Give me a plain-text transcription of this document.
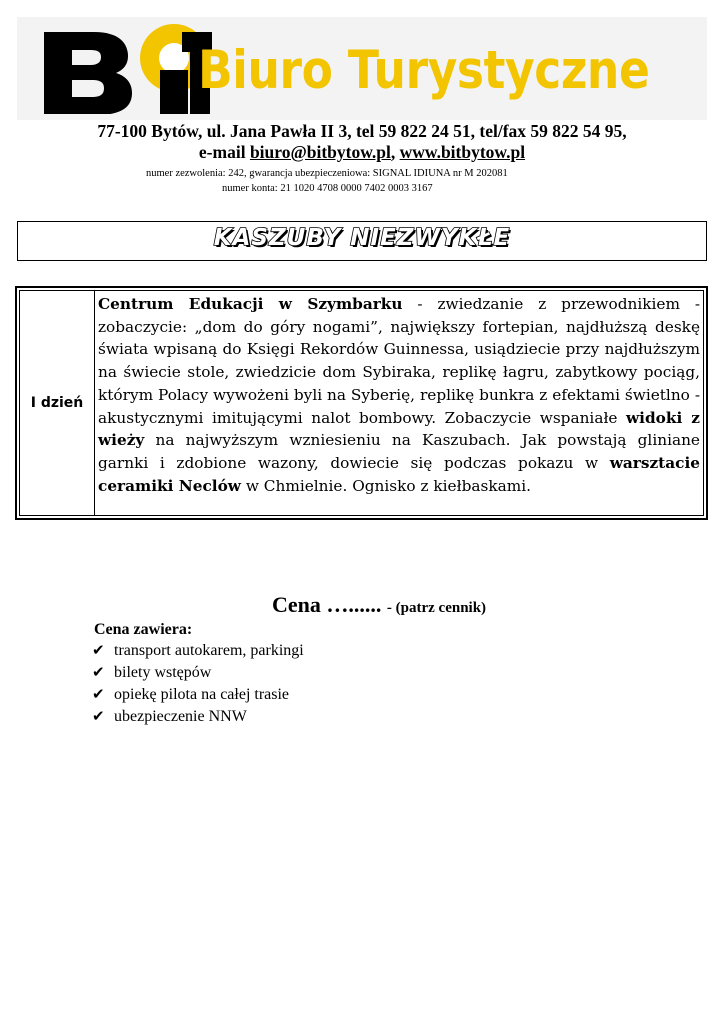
Biuro Turystyczne
77-100 Bytów, ul. Jana Pawła II 3, tel 59 822 24 51, tel/fax 59 822 54 95,
e-mail biuro@bitbytow.pl, www.bitbytow.pl
numer zezwolenia: 242, gwarancja ubezpieczeniowa: SIGNAL IDIUNA nr M 202081
numer konta: 21 1020 4708 0000 7402 0003 3167
KASZUBY NIEZWYKŁE
I dzień
Centrum Edukacji w Szymbarku - zwiedzanie z przewodnikiem - zobaczycie: „dom do góry nogami”, największy fortepian, najdłuższą deskę świata wpisaną do Księgi Rekordów Guinnessa, usiądziecie przy najdłuższym na świecie stole, zwiedzicie dom Sybiraka, replikę łagru, zabytkowy pociąg, którym Polacy wywożeni byli na Syberię, replikę bunkra z efektami świetlno - akustycznymi imitującymi nalot bombowy. Zobaczycie wspaniałe widoki z wieży na najwyższym wzniesieniu na Kaszubach. Jak powstają gliniane garnki i zdobione wazony, dowiecie się podczas pokazu w warsztacie ceramiki Neclów w Chmielnie. Ognisko z kiełbaskami.
Cena …...... - (patrz cennik)
Cena zawiera:
✔ transport autokarem, parkingi
✔ bilety wstępów
✔ opiekę pilota na całej trasie
✔ ubezpieczenie NNW
